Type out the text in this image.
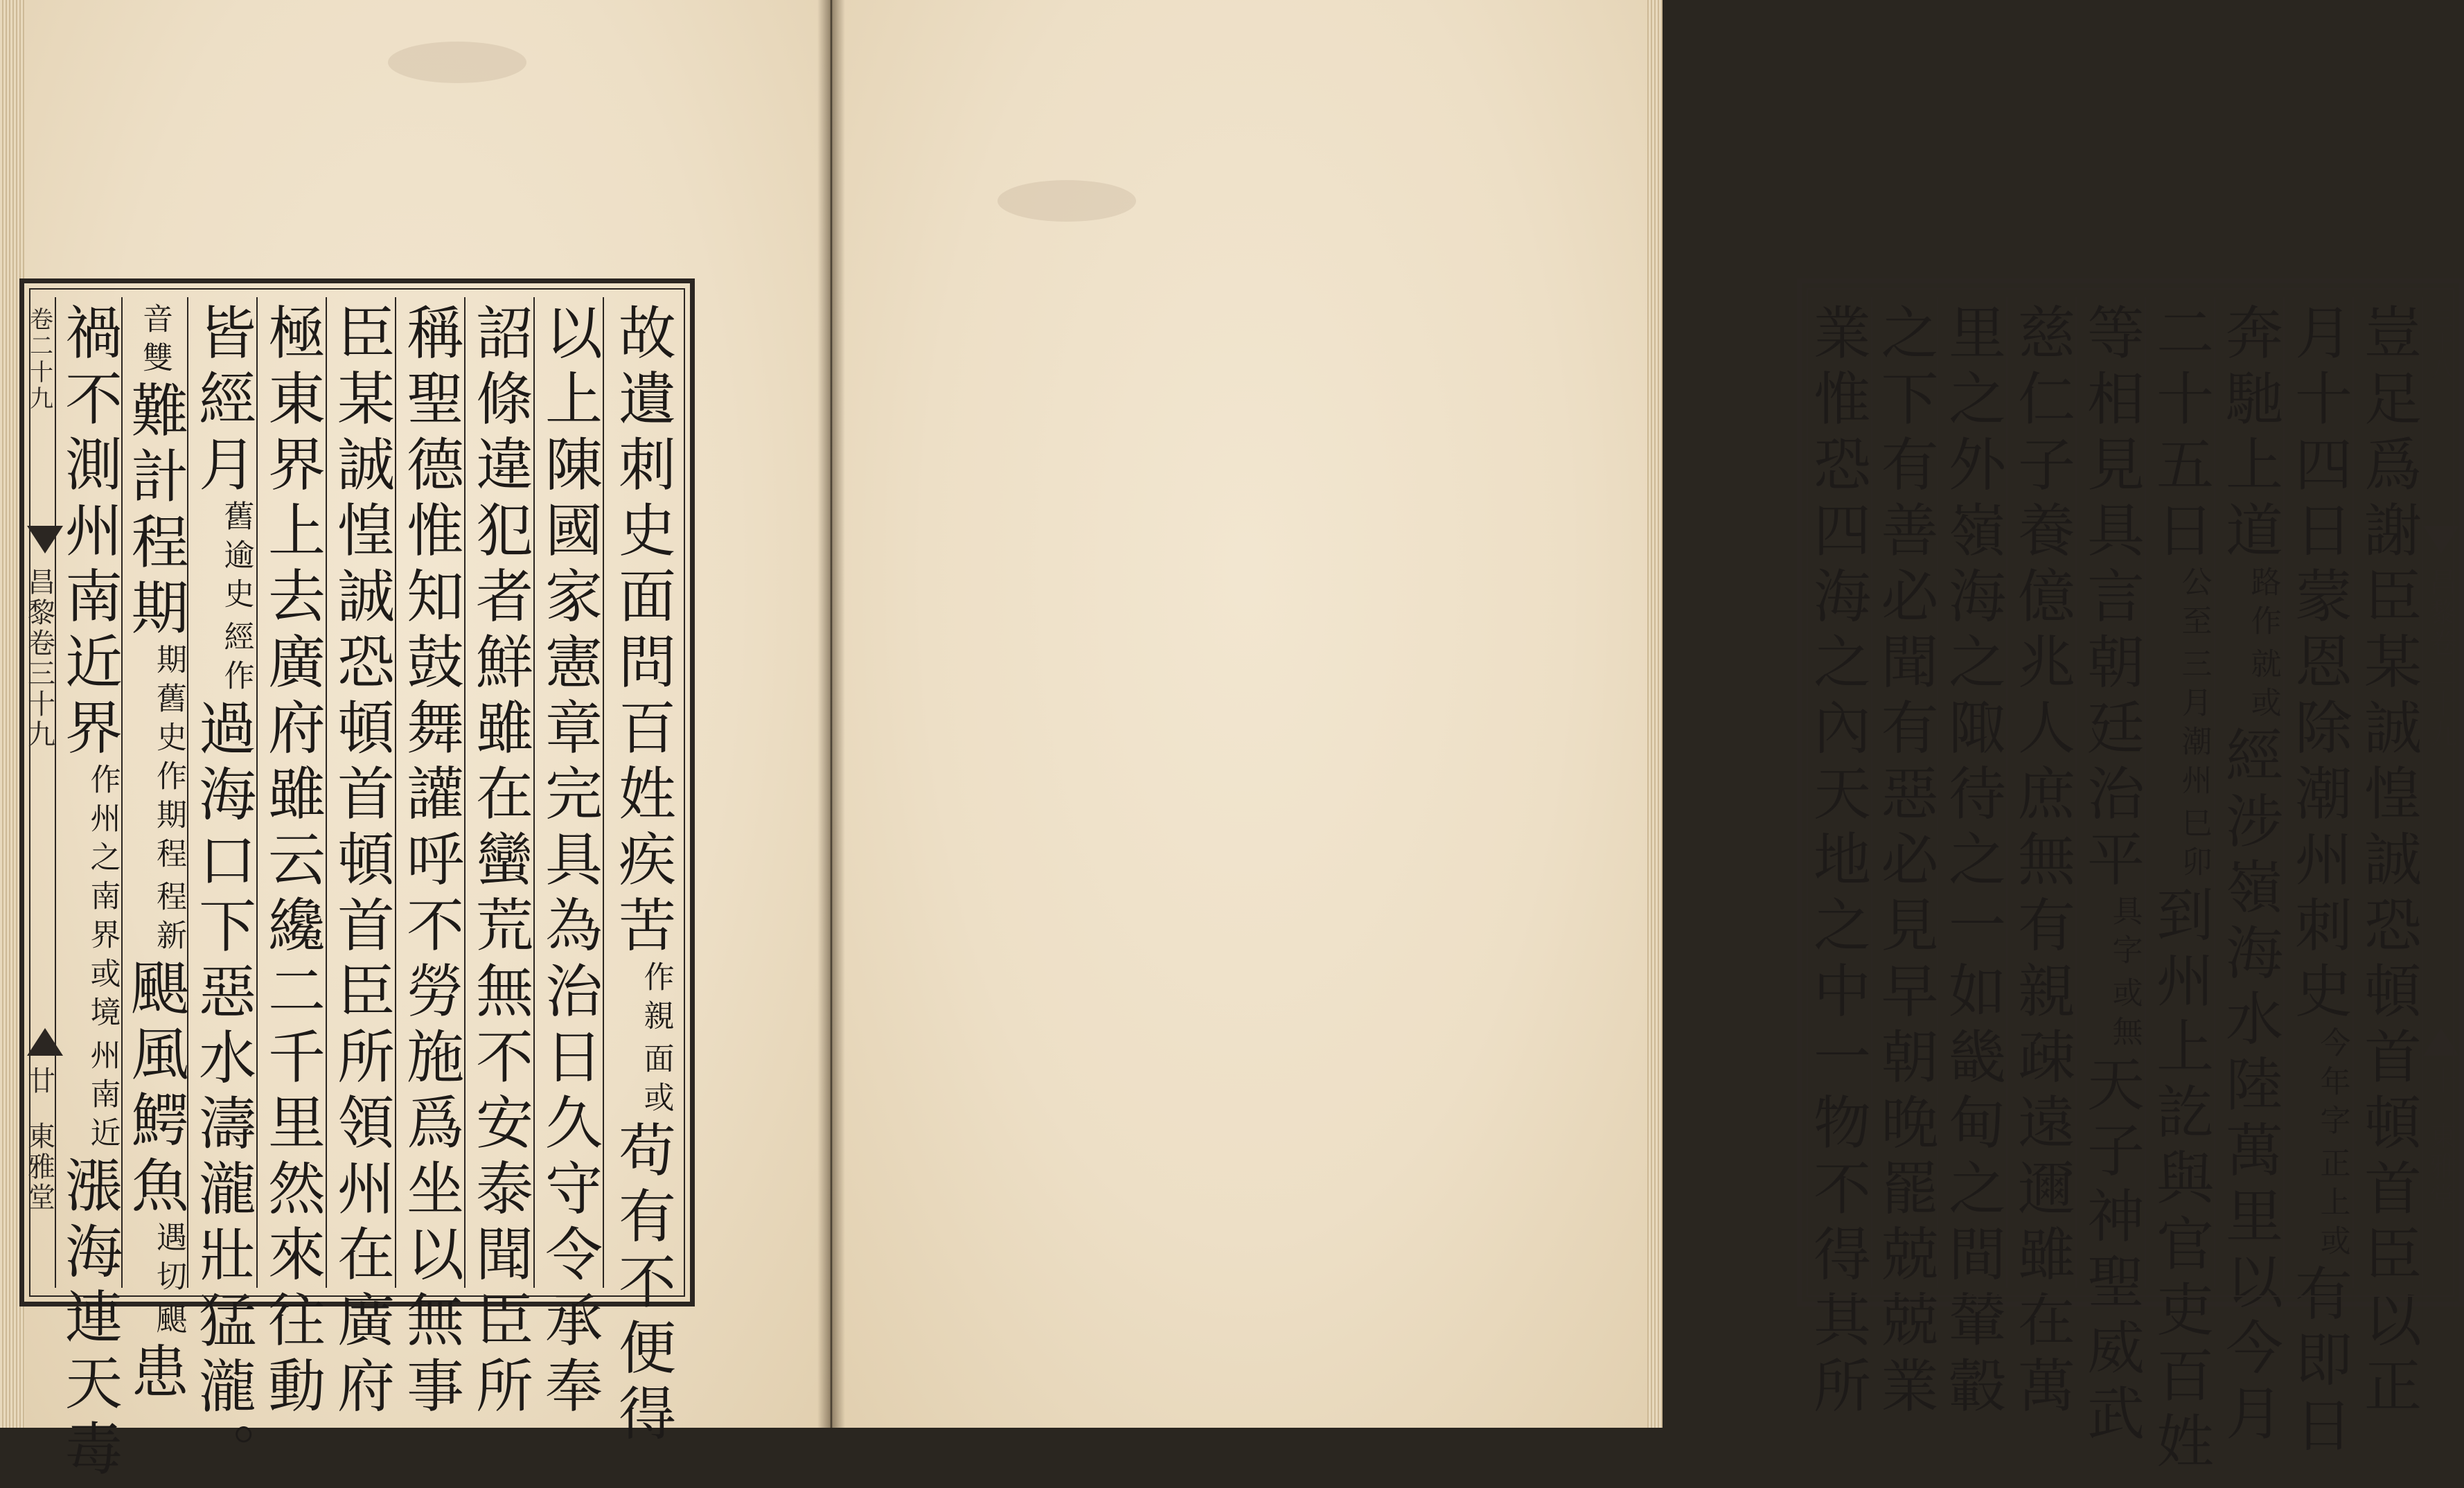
卷二十九
昌黎卷三十九
廿
東雅堂
故遺刺史面問百姓疾苦
面或
作親
苟有不便得
以上陳國家憲章完具為治日久守令承奉
詔條違犯者鮮雖在蠻荒無不安泰聞臣所
稱聖德惟知鼓舞讙呼不勞施爲坐以無事
臣某誠惶誠恐頓首頓首臣所領州在廣府
極東界上去廣府雖云纔二千里然來往動
皆經月
經作
舊逾史
過海口下惡水濤瀧壯猛瀧。
音雙難計程期
程新
期舊史作期程
颶風鰐魚
颶
遇切
患
禍不測州南近界
州南近
作州之南界或境
漲海連天毒
三十八
昌黎卷三十九
十
東雅堂
豈足爲謝臣某誠惶誠恐頓首頓首臣以正
月十四日蒙恩除潮州刺史
正上或
今年字
有即日
奔馳上道
就或
路作
經涉嶺海水陸萬里以今月
二十五日
三月
公至
巳卯
潮州
到州上訖與官吏百姓
等相見具言朝廷治平
或無
具字
天子神聖威武
慈仁子養億兆人庶無有親疎遠邇雖在萬
里之外嶺海之陬待之一如畿甸之間輦轂
之下有善必聞有惡必見早朝晚罷兢兢業
業惟恐四海之內天地之中一物不得其所
